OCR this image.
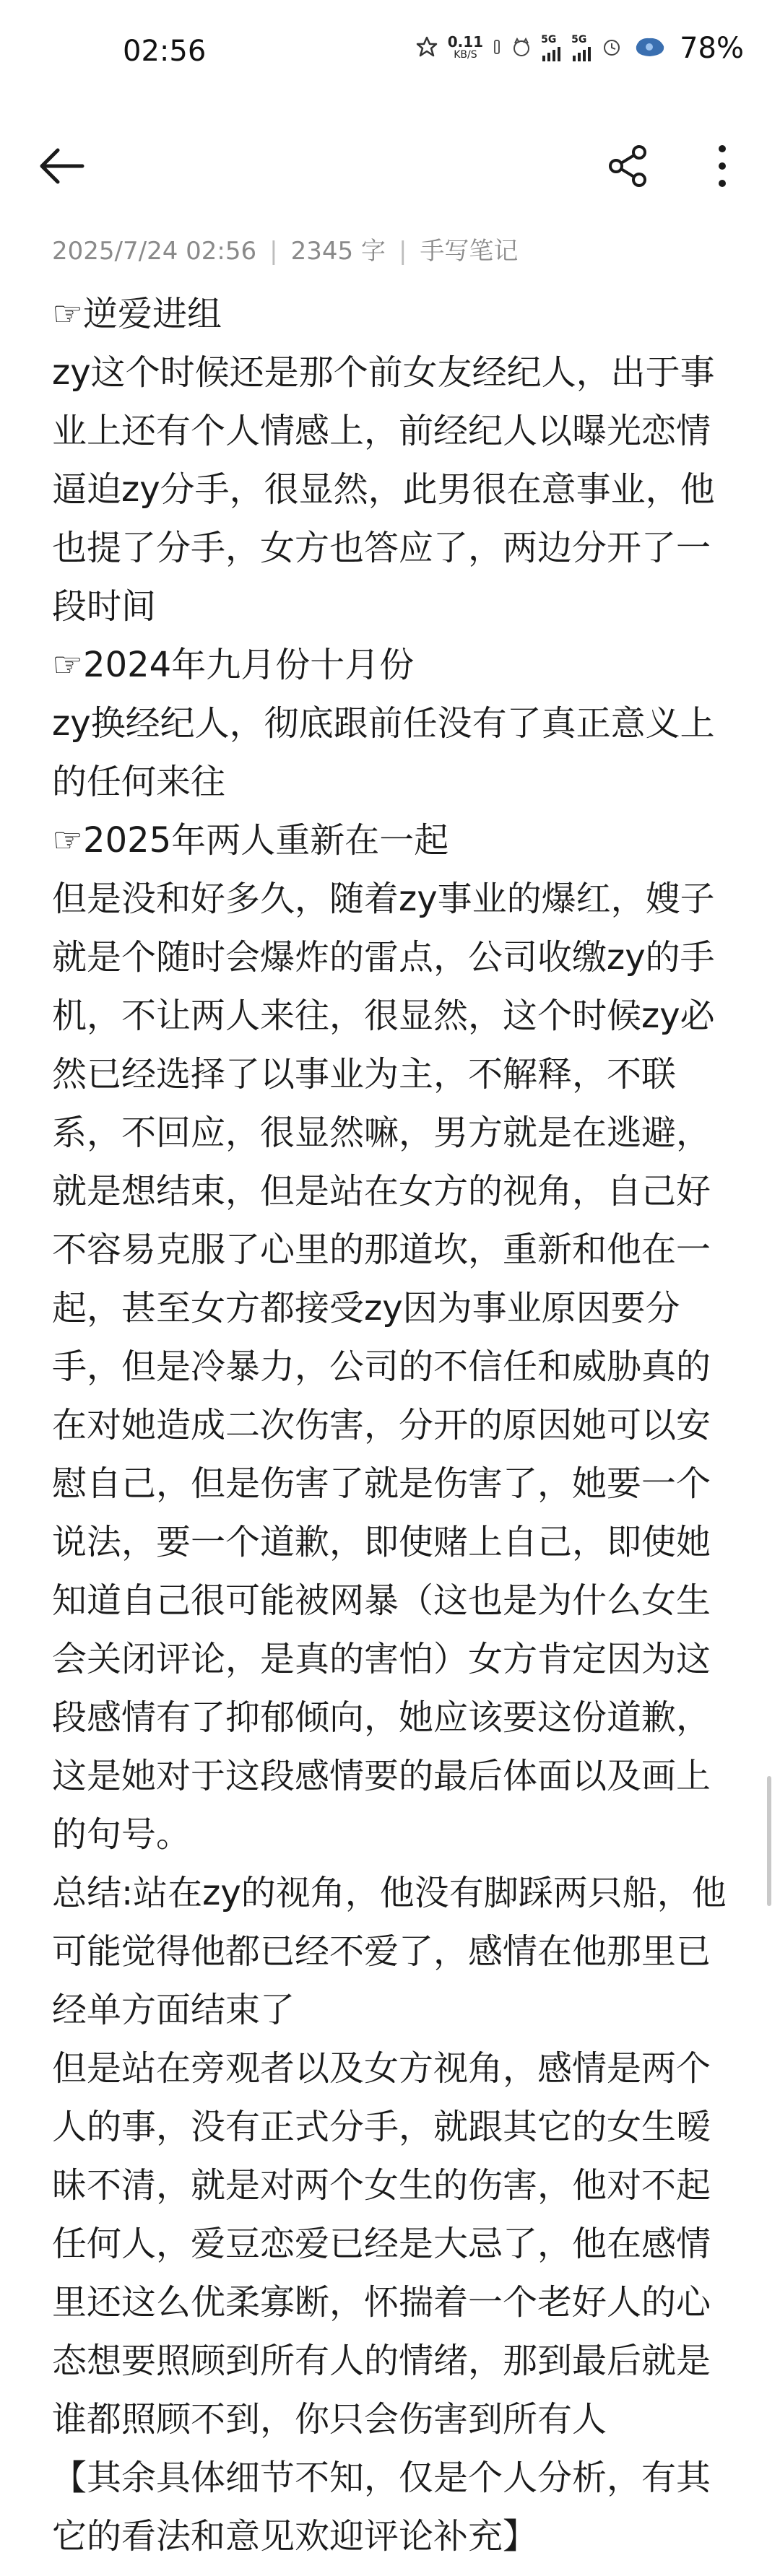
02:56	0.11
KB/S
5G	5G	78%
2025/7/24 02:56 | 2345 字 | 手写笔记
☞逆爱进组
zy这个时候还是那个前女友经纪人，出于事
业上还有个人情感上，前经纪人以曝光恋情
逼迫zy分手，很显然，此男很在意事业，他
也提了分手，女方也答应了，两边分开了一
段时间
☞2024年九月份十月份
zy换经纪人，彻底跟前任没有了真正意义上
的任何来往
☞2025年两人重新在一起
但是没和好多久，随着zy事业的爆红，嫂子
就是个随时会爆炸的雷点，公司收缴zy的手
机，不让两人来往，很显然，这个时候zy必
然已经选择了以事业为主，不解释，不联
系，不回应，很显然嘛，男方就是在逃避，
就是想结束，但是站在女方的视角，自己好
不容易克服了心里的那道坎，重新和他在一
起，甚至女方都接受zy因为事业原因要分
手，但是冷暴力，公司的不信任和威胁真的
在对她造成二次伤害，分开的原因她可以安
慰自己，但是伤害了就是伤害了，她要一个
说法，要一个道歉，即使赌上自己，即使她
知道自己很可能被网暴（这也是为什么女生
会关闭评论，是真的害怕）女方肯定因为这
段感情有了抑郁倾向，她应该要这份道歉，
这是她对于这段感情要的最后体面以及画上
的句号。
总结:站在zy的视角，他没有脚踩两只船，他
可能觉得他都已经不爱了，感情在他那里已
经单方面结束了
但是站在旁观者以及女方视角，感情是两个
人的事，没有正式分手，就跟其它的女生暧
昧不清，就是对两个女生的伤害，他对不起
任何人，爱豆恋爱已经是大忌了，他在感情
里还这么优柔寡断，怀揣着一个老好人的心
态想要照顾到所有人的情绪，那到最后就是
谁都照顾不到，你只会伤害到所有人
【其余具体细节不知，仅是个人分析，有其
它的看法和意见欢迎评论补充】
